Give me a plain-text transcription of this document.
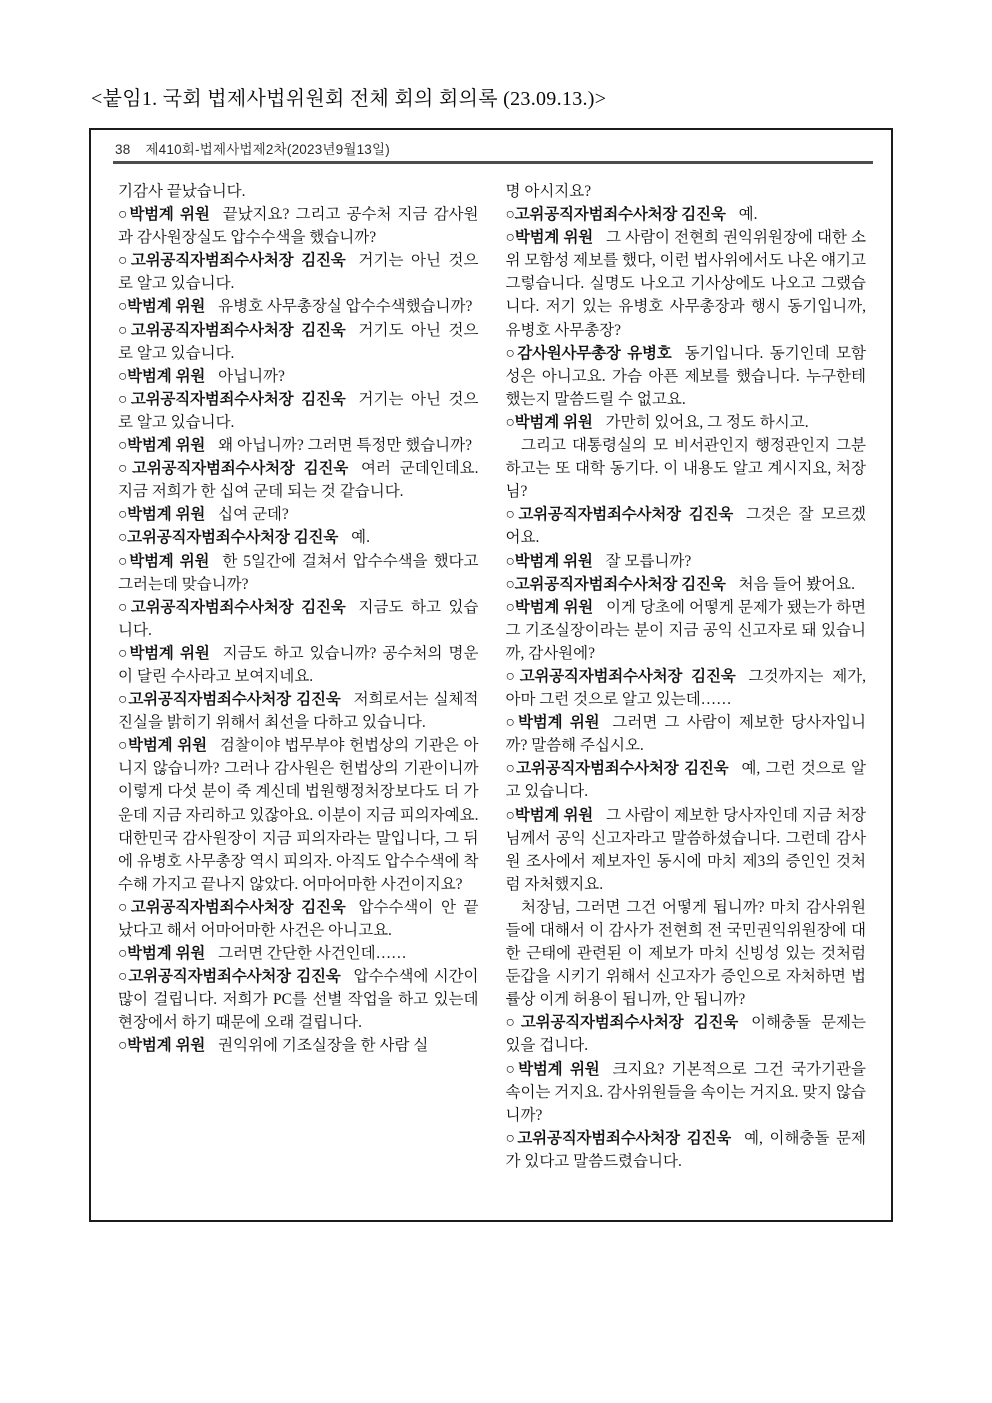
<붙임1. 국회 법제사법위원회 전체 회의 회의록 (23.09.13.)>
38 제410회-법제사법제2차(2023년9월13일)

기감사 끝났습니다.

○박범계 위원 끝났지요? 그리고 공수처 지금 감사원과 감사원장실도 압수수색을 했습니까?

○고위공직자범죄수사처장 김진욱 거기는 아닌 것으로 알고 있습니다.

○박범계 위원 유병호 사무총장실 압수수색했습니까?

○고위공직자범죄수사처장 김진욱 거기도 아닌 것으로 알고 있습니다.

○박범계 위원 아닙니까?

○고위공직자범죄수사처장 김진욱 거기는 아닌 것으로 알고 있습니다.

○박범계 위원 왜 아닙니까? 그러면 특정만 했습니까?

○고위공직자범죄수사처장 김진욱 여러 군데인데요. 지금 저희가 한 십여 군데 되는 것 같습니다.

○박범계 위원 십여 군데?

○고위공직자범죄수사처장 김진욱 예.

○박범계 위원 한 5일간에 걸쳐서 압수수색을 했다고 그러는데 맞습니까?

○고위공직자범죄수사처장 김진욱 지금도 하고 있습니다.

○박범계 위원 지금도 하고 있습니까? 공수처의 명운이 달린 수사라고 보여지네요.

○고위공직자범죄수사처장 김진욱 저희로서는 실체적 진실을 밝히기 위해서 최선을 다하고 있습니다.

○박범계 위원 검찰이야 법무부야 헌법상의 기관은 아니지 않습니까? 그러나 감사원은 헌법상의 기관이니까 이렇게 다섯 분이 죽 계신데 법원행정처장보다도 더 가운데 지금 자리하고 있잖아요. 이분이 지금 피의자예요. 대한민국 감사원장이 지금 피의자라는 말입니다, 그 뒤에 유병호 사무총장 역시 피의자. 아직도 압수수색에 착수해 가지고 끝나지 않았다. 어마어마한 사건이지요?

○고위공직자범죄수사처장 김진욱 압수수색이 안 끝났다고 해서 어마어마한 사건은 아니고요.

○박범계 위원 그러면 간단한 사건인데……

○고위공직자범죄수사처장 김진욱 압수수색에 시간이 많이 걸립니다. 저희가 PC를 선별 작업을 하고 있는데 현장에서 하기 때문에 오래 걸립니다.

○박범계 위원 권익위에 기조실장을 한 사람 실

명 아시지요?

○고위공직자범죄수사처장 김진욱 예.

○박범계 위원 그 사람이 전현희 권익위원장에 대한 소위 모함성 제보를 했다, 이런 법사위에서도 나온 얘기고 그렇습니다. 실명도 나오고 기사상에도 나오고 그랬습니다. 저기 있는 유병호 사무총장과 행시 동기입니까, 유병호 사무총장?

○감사원사무총장 유병호 동기입니다. 동기인데 모함성은 아니고요. 가슴 아픈 제보를 했습니다. 누구한테 했는지 말씀드릴 수 없고요.

○박범계 위원 가만히 있어요, 그 정도 하시고.

그리고 대통령실의 모 비서관인지 행정관인지 그분하고는 또 대학 동기다. 이 내용도 알고 계시지요, 처장님?

○고위공직자범죄수사처장 김진욱 그것은 잘 모르겠어요.

○박범계 위원 잘 모릅니까?

○고위공직자범죄수사처장 김진욱 처음 들어 봤어요.

○박범계 위원 이게 당초에 어떻게 문제가 됐는가 하면 그 기조실장이라는 분이 지금 공익 신고자로 돼 있습니까, 감사원에?

○고위공직자범죄수사처장 김진욱 그것까지는 제가, 아마 그런 것으로 알고 있는데……

○박범계 위원 그러면 그 사람이 제보한 당사자입니까? 말씀해 주십시오.

○고위공직자범죄수사처장 김진욱 예, 그런 것으로 알고 있습니다.

○박범계 위원 그 사람이 제보한 당사자인데 지금 처장님께서 공익 신고자라고 말씀하셨습니다. 그런데 감사원 조사에서 제보자인 동시에 마치 제3의 증인인 것처럼 자처했지요.

처장님, 그러면 그건 어떻게 됩니까? 마치 감사위원들에 대해서 이 감사가 전현희 전 국민권익위원장에 대한 근태에 관련된 이 제보가 마치 신빙성 있는 것처럼 둔갑을 시키기 위해서 신고자가 증인으로 자처하면 법률상 이게 허용이 됩니까, 안 됩니까?

○고위공직자범죄수사처장 김진욱 이해충돌 문제는 있을 겁니다.

○박범계 위원 크지요? 기본적으로 그건 국가기관을 속이는 거지요. 감사위원들을 속이는 거지요. 맞지 않습니까?

○고위공직자범죄수사처장 김진욱 예, 이해충돌 문제가 있다고 말씀드렸습니다.
